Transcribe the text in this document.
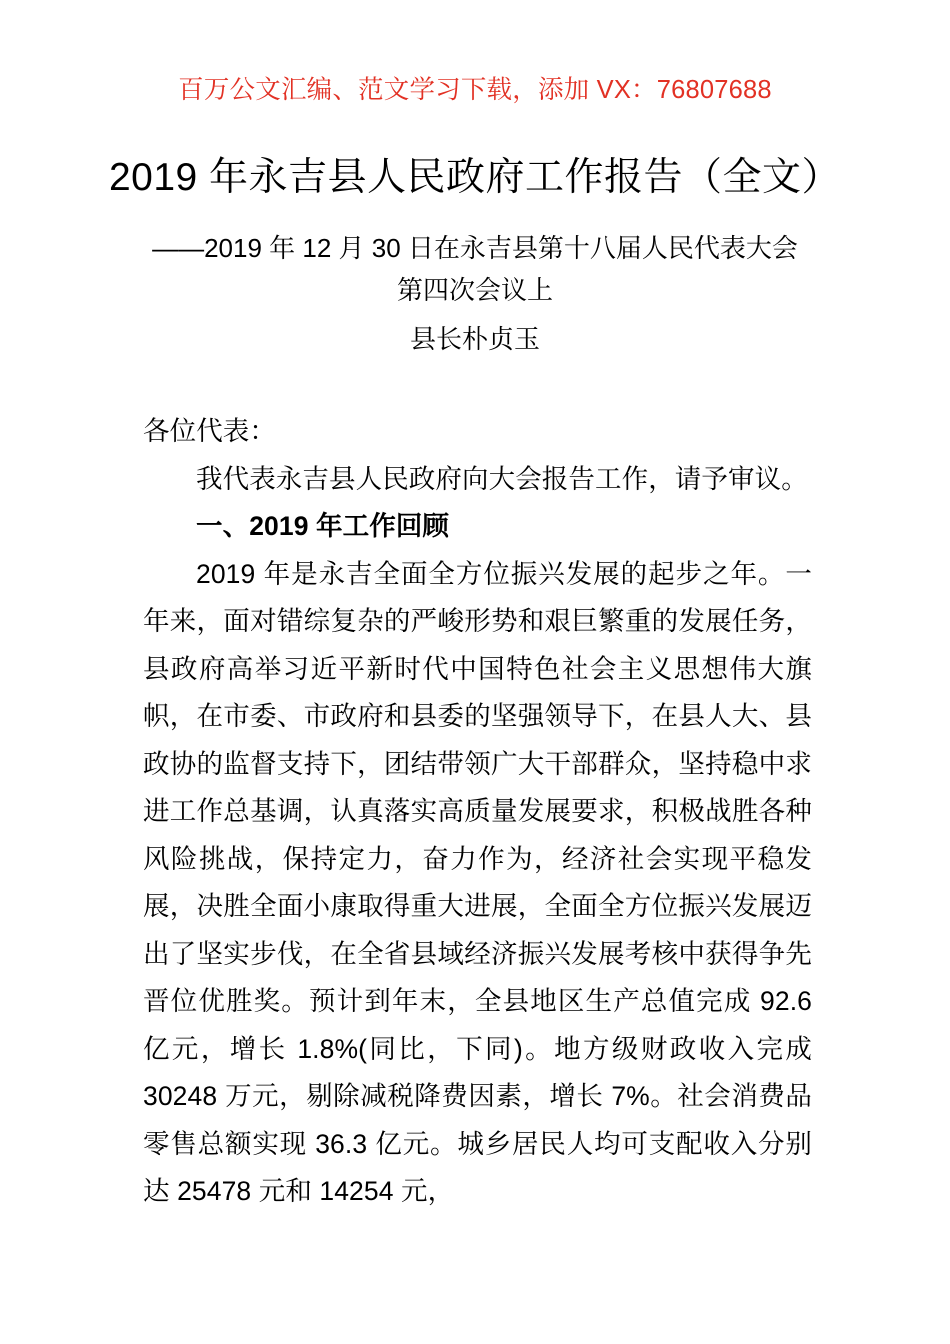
百万公文汇编、范文学习下载，添加 VX：76807688
2019 年永吉县人民政府工作报告（全文）
——2019 年 12 月 30 日在永吉县第十八届人民代表大会第四次会议上
县长朴贞玉

各位代表：

我代表永吉县人民政府向大会报告工作，请予审议。

一、2019 年工作回顾

2019 年是永吉全面全方位振兴发展的起步之年。一年来，面对错综复杂的严峻形势和艰巨繁重的发展任务，县政府高举习近平新时代中国特色社会主义思想伟大旗帜，在市委、市政府和县委的坚强领导下，在县人大、县政协的监督支持下，团结带领广大干部群众，坚持稳中求进工作总基调，认真落实高质量发展要求，积极战胜各种风险挑战，保持定力，奋力作为，经济社会实现平稳发展，决胜全面小康取得重大进展，全面全方位振兴发展迈出了坚实步伐，在全省县域经济振兴发展考核中获得争先晋位优胜奖。预计到年末，全县地区生产总值完成 92.6 亿元，增长 1.8%(同比，下同)。地方级财政收入完成 30248 万元，剔除减税降费因素，增长 7%。社会消费品零售总额实现 36.3 亿元。城乡居民人均可支配收入分别达 25478 元和 14254 元，
